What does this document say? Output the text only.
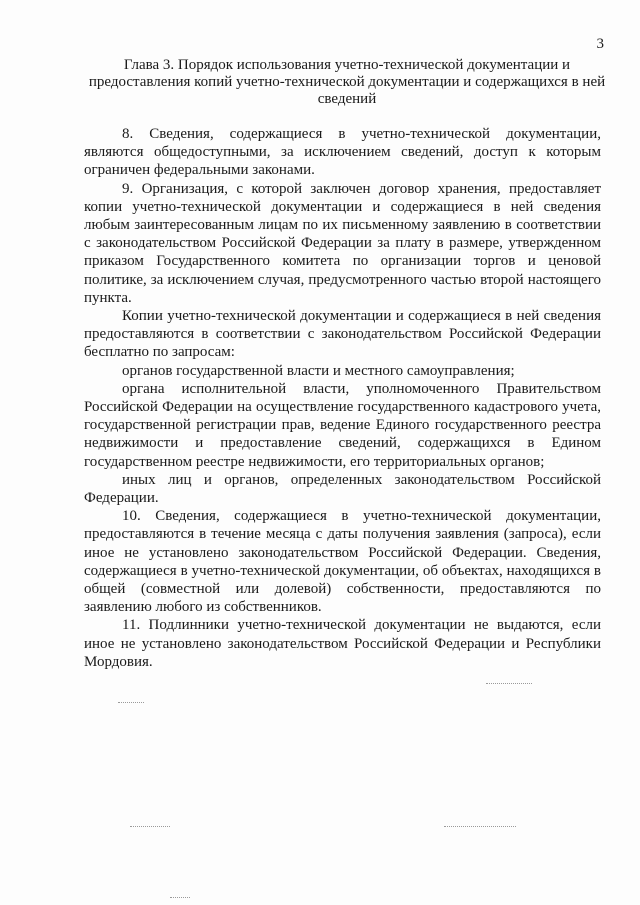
3
Глава 3. Порядок использования учетно-технической документации и предоставления копий учетно-технической документации и содержащихся в ней сведений

8. Сведения, содержащиеся в учетно-технической документации, являются общедоступными, за исключением сведений, доступ к которым ограничен федеральными законами.

9. Организация, с которой заключен договор хранения, предоставляет копии учетно-технической документации и содержащиеся в ней сведения любым заинтересованным лицам по их письменному заявлению в соответствии с законодательством Российской Федерации за плату в размере, утвержденном приказом Государственного комитета по организации торгов и ценовой политике, за исключением случая, предусмотренного частью второй настоящего пункта.

Копии учетно-технической документации и содержащиеся в ней сведения предоставляются в соответствии с законодательством Российской Федерации бесплатно по запросам:

органов государственной власти и местного самоуправления;

органа исполнительной власти, уполномоченного Правительством Российской Федерации на осуществление государственного кадастрового учета, государственной регистрации прав, ведение Единого государственного реестра недвижимости и предоставление сведений, содержащихся в Едином государственном реестре недвижимости, его территориальных органов;

иных лиц и органов, определенных законодательством Российской Федерации.

10. Сведения, содержащиеся в учетно-технической документации, предоставляются в течение месяца с даты получения заявления (запроса), если иное не установлено законодательством Российской Федерации. Сведения, содержащиеся в учетно-технической документации, об объектах, находящихся в общей (совместной или долевой) собственности, предоставляются по заявлению любого из собственников.

11. Подлинники учетно-технической документации не выдаются, если иное не установлено законодательством Российской Федерации и Республики Мордовия.
